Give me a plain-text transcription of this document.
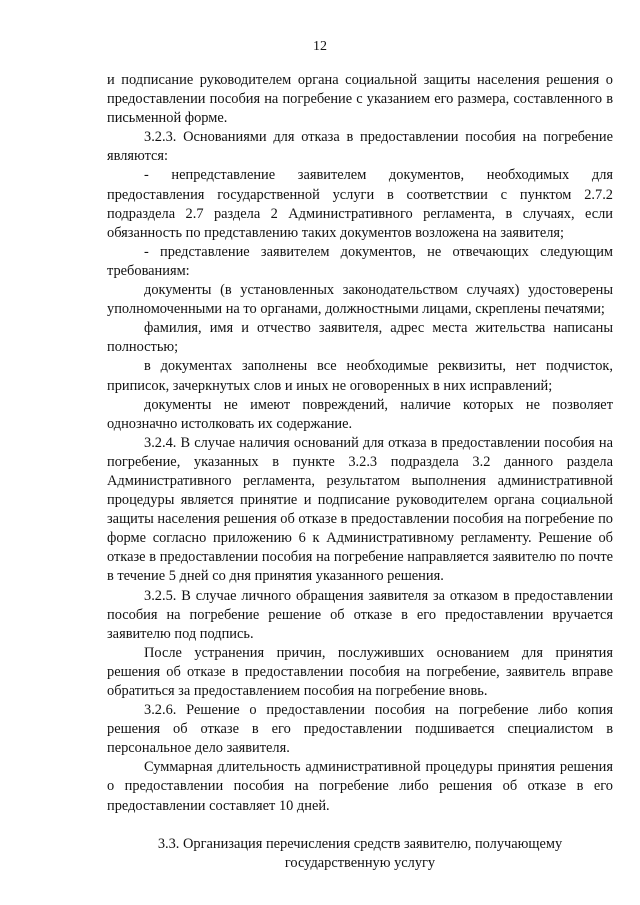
12

и подписание руководителем органа социальной защиты населения решения о предоставлении пособия на погребение с указанием его размера, составленного в письменной форме.

3.2.3. Основаниями для отказа в предоставлении пособия на погребение являются:

- непредставление заявителем документов, необходимых для предоставления государственной услуги в соответствии с пунктом 2.7.2 подраздела 2.7 раздела 2 Административного регламента, в случаях, если обязанность по представлению таких документов возложена на заявителя;

- представление заявителем документов, не отвечающих следующим требованиям:

документы (в установленных законодательством случаях) удостоверены уполномоченными на то органами, должностными лицами, скреплены печатями;

фамилия, имя и отчество заявителя, адрес места жительства написаны полностью;

в документах заполнены все необходимые реквизиты, нет подчисток, приписок, зачеркнутых слов и иных не оговоренных в них исправлений;

документы не имеют повреждений, наличие которых не позволяет однозначно истолковать их содержание.

3.2.4. В случае наличия оснований для отказа в предоставлении пособия на погребение, указанных в пункте 3.2.3 подраздела 3.2 данного раздела Административного регламента, результатом выполнения административной процедуры является принятие и подписание руководителем органа социальной защиты населения решения об отказе в предоставлении пособия на погребение по форме согласно приложению 6 к Административному регламенту. Решение об отказе в предоставлении пособия на погребение направляется заявителю по почте в течение 5 дней со дня принятия указанного решения.

3.2.5. В случае личного обращения заявителя за отказом в предоставлении пособия на погребение решение об отказе в его предоставлении вручается заявителю под подпись.

После устранения причин, послуживших основанием для принятия решения об отказе в предоставлении пособия на погребение, заявитель вправе обратиться за предоставлением пособия на погребение вновь.

3.2.6. Решение о предоставлении пособия на погребение либо копия решения об отказе в его предоставлении подшивается специалистом в персональное дело заявителя.

Суммарная длительность административной процедуры принятия решения о предоставлении пособия на погребение либо решения об отказе в его предоставлении составляет 10 дней.

3.3. Организация перечисления средств заявителю, получающему
государственную услугу
